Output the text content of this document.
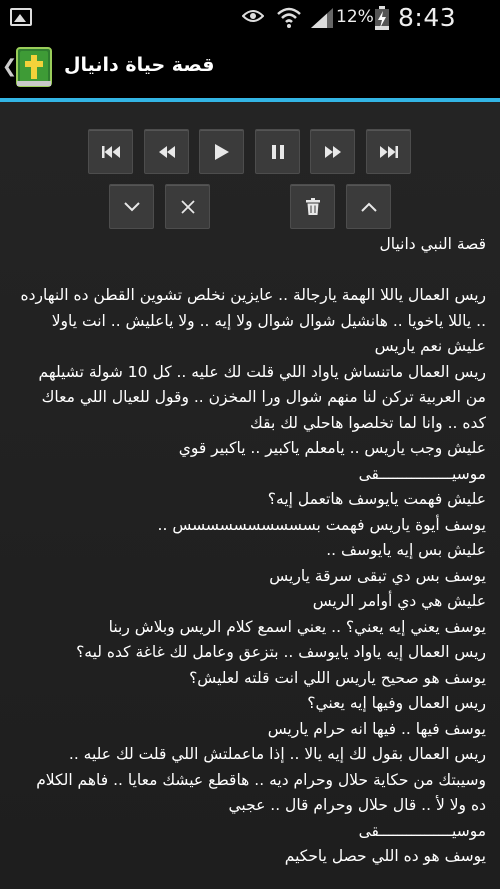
12% 8:43
❮ قصة حياة دانيال
قصة النبي دانيال
ريس العمال ياللا الهمة يارجالة .. عايزين نخلص تشوين القطن ده النهارده
.. ياللا ياخويا .. هانشيل شوال شوال ولا إيه .. ولا ياعليش .. انت ياولا
عليش نعم ياريس
ريس العمال ماتنساش ياواد اللي قلت لك عليه .. كل 10 شولة تشيلهم
من العربية تركن لنا منهم شوال ورا المخزن .. وقول للعيال اللي معاك
كده .. وانا لما تخلصوا هاحلي لك بقك
عليش وجب ياريس .. يامعلم ياكبير .. ياكبير قوي
موسيــــــــــــــــقى
عليش فهمت يايوسف هاتعمل إيه؟
يوسف أيوة ياريس فهمت بسسسسسسسسسس ..
عليش بس إيه يايوسف ..
يوسف بس دي تبقى سرقة ياريس
عليش هي دي أوامر الريس
يوسف يعني إيه يعني؟ .. يعني اسمع كلام الريس وبلاش ربنا
ريس العمال إيه ياواد يايوسف .. بتزعق وعامل لك غاغة كده ليه؟
يوسف هو صحيح ياريس اللي انت قلته لعليش؟
ريس العمال وفيها إيه يعني؟
يوسف فيها .. فيها انه حرام ياريس
ريس العمال بقول لك إيه يالا .. إذا ماعملتش اللي قلت لك عليه ..
وسيبتك من حكاية حلال وحرام ديه .. هاقطع عيشك معايا .. فاهم الكلام
ده ولا لأ .. قال حلال وحرام قال .. عجبي
موسيــــــــــــــــقى
يوسف هو ده اللي حصل ياحكيم
